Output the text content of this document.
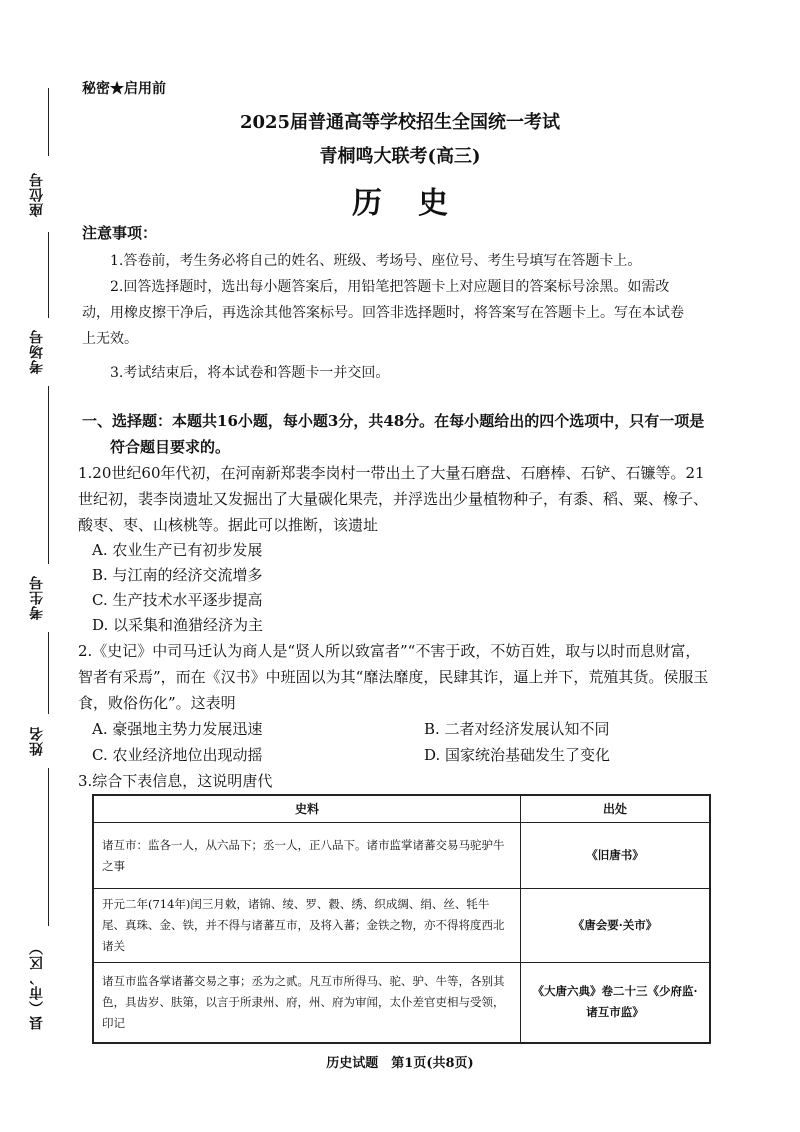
座位号
考场号
考生号
姓名
县（市、区）
秘密★启用前
2025届普通高等学校招生全国统一考试
青桐鸣大联考(高三)
历史
注意事项：
1.答卷前，考生务必将自己的姓名、班级、考场号、座位号、考生号填写在答题卡上。
2.回答选择题时，选出每小题答案后，用铅笔把答题卡上对应题目的答案标号涂黑。如需改动，用橡皮擦干净后，再选涂其他答案标号。回答非选择题时，将答案写在答题卡上。写在本试卷上无效。
3.考试结束后，将本试卷和答题卡一并交回。
一、选择题：本题共16小题，每小题3分，共48分。在每小题给出的四个选项中，只有一项是
符合题目要求的。
1.20世纪60年代初，在河南新郑裴李岗村一带出土了大量石磨盘、石磨棒、石铲、石镰等。21世纪初，裴李岗遗址又发掘出了大量碳化果壳，并浮选出少量植物种子，有黍、稻、粟、橡子、酸枣、枣、山核桃等。据此可以推断，该遗址
A. 农业生产已有初步发展
B. 与江南的经济交流增多
C. 生产技术水平逐步提高
D. 以采集和渔猎经济为主
2.《史记》中司马迁认为商人是“贤人所以致富者”“不害于政，不妨百姓，取与以时而息财富，智者有采焉”，而在《汉书》中班固以为其“靡法靡度，民肆其诈，逼上并下，荒殖其货。侯服玉食，败俗伤化”。这表明
A. 豪强地主势力发展迅速	B. 二者对经济发展认知不同
C. 农业经济地位出现动摇	D. 国家统治基础发生了变化
3.综合下表信息，这说明唐代
史料	出处
诸互市：监各一人，从六品下；丞一人，正八品下。诸市监掌诸蕃交易马驼驴牛之事	《旧唐书》
开元二年(714年)闰三月敕，诸锦、绫、罗、縠、绣、织成绸、绢、丝、牦牛尾、真珠、金、铁，并不得与诸蕃互市，及将入蕃；金铁之物，亦不得将度西北诸关	《唐会要·关市》
诸互市监各掌诸蕃交易之事；丞为之贰。凡互市所得马、驼、驴、牛等，各别其色，具齿岁、肤第，以言于所隶州、府，州、府为审闻，太仆差官吏相与受领，印记	《大唐六典》卷二十三《少府监·诸互市监》
历史试题　第1页(共8页)
